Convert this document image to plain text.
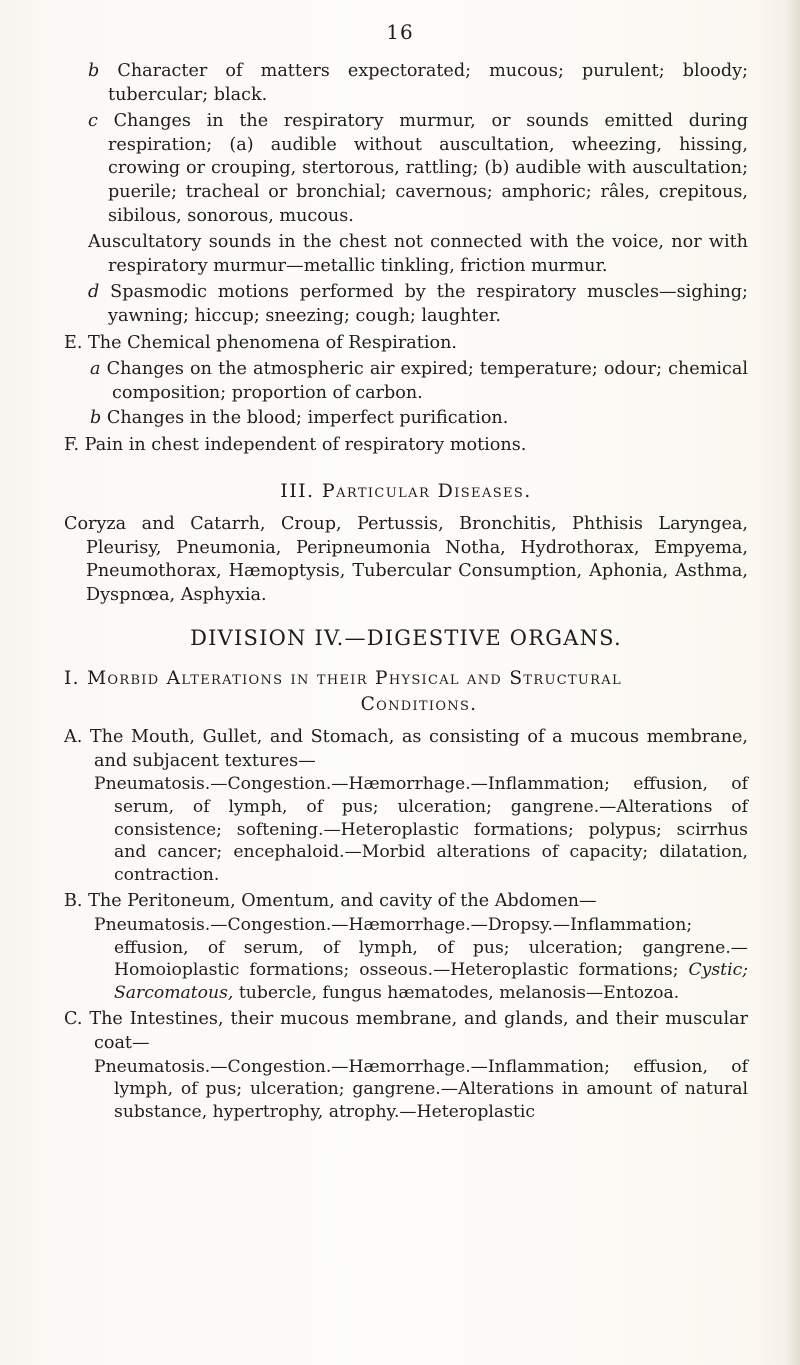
16

b Character of matters expectorated; mucous; purulent; bloody; tubercular; black.

c Changes in the respiratory murmur, or sounds emitted during respiration; (a) audible without auscultation, wheezing, hissing, crowing or crouping, stertorous, rattling; (b) audible with auscultation; puerile; tracheal or bronchial; cavernous; amphoric; râles, crepitous, sibilous, sonorous, mucous.

Auscultatory sounds in the chest not connected with the voice, nor with respiratory murmur—metallic tinkling, friction murmur.

d Spasmodic motions performed by the respiratory muscles—sighing; yawning; hiccup; sneezing; cough; laughter.

E. The Chemical phenomena of Respiration.

a Changes on the atmospheric air expired; temperature; odour; chemical composition; proportion of carbon.

b Changes in the blood; imperfect purification.

F. Pain in chest independent of respiratory motions.

III. Particular Diseases.

Coryza and Catarrh, Croup, Pertussis, Bronchitis, Phthisis Laryngea, Pleurisy, Pneumonia, Peripneumonia Notha, Hydrothorax, Empyema, Pneumothorax, Hæmoptysis, Tubercular Consumption, Aphonia, Asthma, Dyspnœa, Asphyxia.

DIVISION IV.—DIGESTIVE ORGANS.

I. Morbid Alterations in their Physical and Structural
Conditions.

A. The Mouth, Gullet, and Stomach, as consisting of a mucous membrane, and subjacent textures—

Pneumatosis.—Congestion.—Hæmorrhage.—Inflammation; effusion, of serum, of lymph, of pus; ulceration; gangrene.—Alterations of consistence; softening.—Heteroplastic formations; polypus; scirrhus and cancer; encephaloid.—Morbid alterations of capacity; dilatation, contraction.

B. The Peritoneum, Omentum, and cavity of the Abdomen—

Pneumatosis.—Congestion.—Hæmorrhage.—Dropsy.—Inflammation; effusion, of serum, of lymph, of pus; ulceration; gangrene.—Homoioplastic formations; osseous.—Heteroplastic formations; Cystic; Sarcomatous, tubercle, fungus hæmatodes, melanosis—Entozoa.

C. The Intestines, their mucous membrane, and glands, and their muscular coat—

Pneumatosis.—Congestion.—Hæmorrhage.—Inflammation; effusion, of lymph, of pus; ulceration; gangrene.—Alterations in amount of natural substance, hypertrophy, atrophy.—Heteroplastic
